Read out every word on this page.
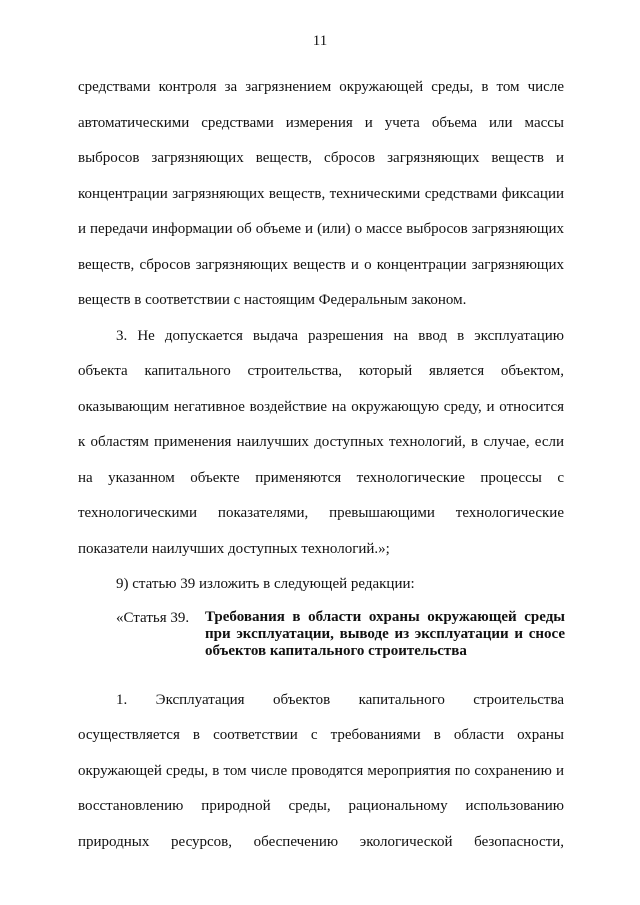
11
средствами контроля за загрязнением окружающей среды, в том числе
автоматическими средствами измерения и учета объема или массы
выбросов загрязняющих веществ, сбросов загрязняющих веществ и
концентрации загрязняющих веществ, техническими средствами фиксации
и передачи информации об объеме и (или) о массе выбросов загрязняющих
веществ, сбросов загрязняющих веществ и о концентрации загрязняющих
веществ в соответствии с настоящим Федеральным законом.
3. Не допускается выдача разрешения на ввод в эксплуатацию
объекта капитального строительства, который является объектом,
оказывающим негативное воздействие на окружающую среду, и относится
к областям применения наилучших доступных технологий, в случае, если
на указанном объекте применяются технологические процессы с
технологическими показателями, превышающими технологические
показатели наилучших доступных технологий.»;
9) статью 39 изложить в следующей редакции:
«Статья 39. Требования в области охраны окружающей среды
при эксплуатации, выводе из эксплуатации и сносе
объектов капитального строительства
1. Эксплуатация объектов капитального строительства
осуществляется в соответствии с требованиями в области охраны
окружающей среды, в том числе проводятся мероприятия по сохранению и
восстановлению природной среды, рациональному использованию
природных ресурсов, обеспечению экологической безопасности,
